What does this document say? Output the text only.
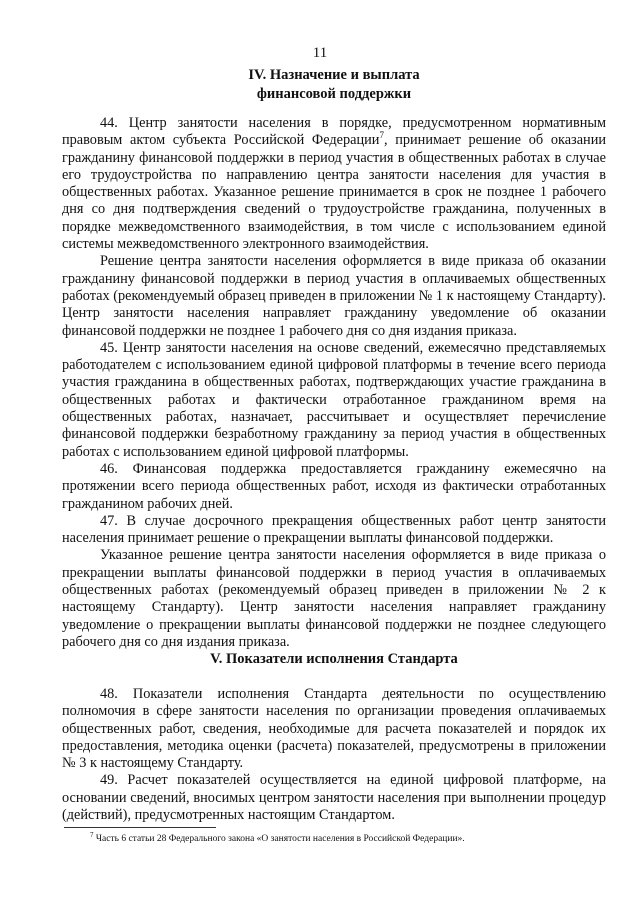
11
IV. Назначение и выплата
финансовой поддержки

44. Центр занятости населения в порядке, предусмотренном нормативным правовым актом субъекта Российской Федерации$^7$, принимает решение об оказании гражданину финансовой поддержки в период участия в общественных работах в случае его трудоустройства по направлению центра занятости населения для участия в общественных работах. Указанное решение принимается в срок не позднее 1 рабочего дня со дня подтверждения сведений о трудоустройстве гражданина, полученных в порядке межведомственного взаимодействия, в том числе с использованием единой системы межведомственного электронного взаимодействия.

Решение центра занятости населения оформляется в виде приказа об оказании гражданину финансовой поддержки в период участия в оплачиваемых общественных работах (рекомендуемый образец приведен в приложении № 1 к настоящему Стандарту). Центр занятости населения направляет гражданину уведомление об оказании финансовой поддержки не позднее 1 рабочего дня со дня издания приказа.

45. Центр занятости населения на основе сведений, ежемесячно представляемых работодателем с использованием единой цифровой платформы в течение всего периода участия гражданина в общественных работах, подтверждающих участие гражданина в общественных работах и фактически отработанное гражданином время на общественных работах, назначает, рассчитывает и осуществляет перечисление финансовой поддержки безработному гражданину за период участия в общественных работах с использованием единой цифровой платформы.

46. Финансовая поддержка предоставляется гражданину ежемесячно на протяжении всего периода общественных работ, исходя из фактически отработанных гражданином рабочих дней.

47. В случае досрочного прекращения общественных работ центр занятости населения принимает решение о прекращении выплаты финансовой поддержки.

Указанное решение центра занятости населения оформляется в виде приказа о прекращении выплаты финансовой поддержки в период участия в оплачиваемых общественных работах (рекомендуемый образец приведен в приложении № 2 к настоящему Стандарту). Центр занятости населения направляет гражданину уведомление о прекращении выплаты финансовой поддержки не позднее следующего рабочего дня со дня издания приказа.

V. Показатели исполнения Стандарта

48. Показатели исполнения Стандарта деятельности по осуществлению полномочия в сфере занятости населения по организации проведения оплачиваемых общественных работ, сведения, необходимые для расчета показателей и порядок их предоставления, методика оценки (расчета) показателей, предусмотрены в приложении № 3 к настоящему Стандарту.

49. Расчет показателей осуществляется на единой цифровой платформе, на основании сведений, вносимых центром занятости населения при выполнении процедур (действий), предусмотренных настоящим Стандартом.

$^7$ Часть 6 статьи 28 Федерального закона «О занятости населения в Российской Федерации».
